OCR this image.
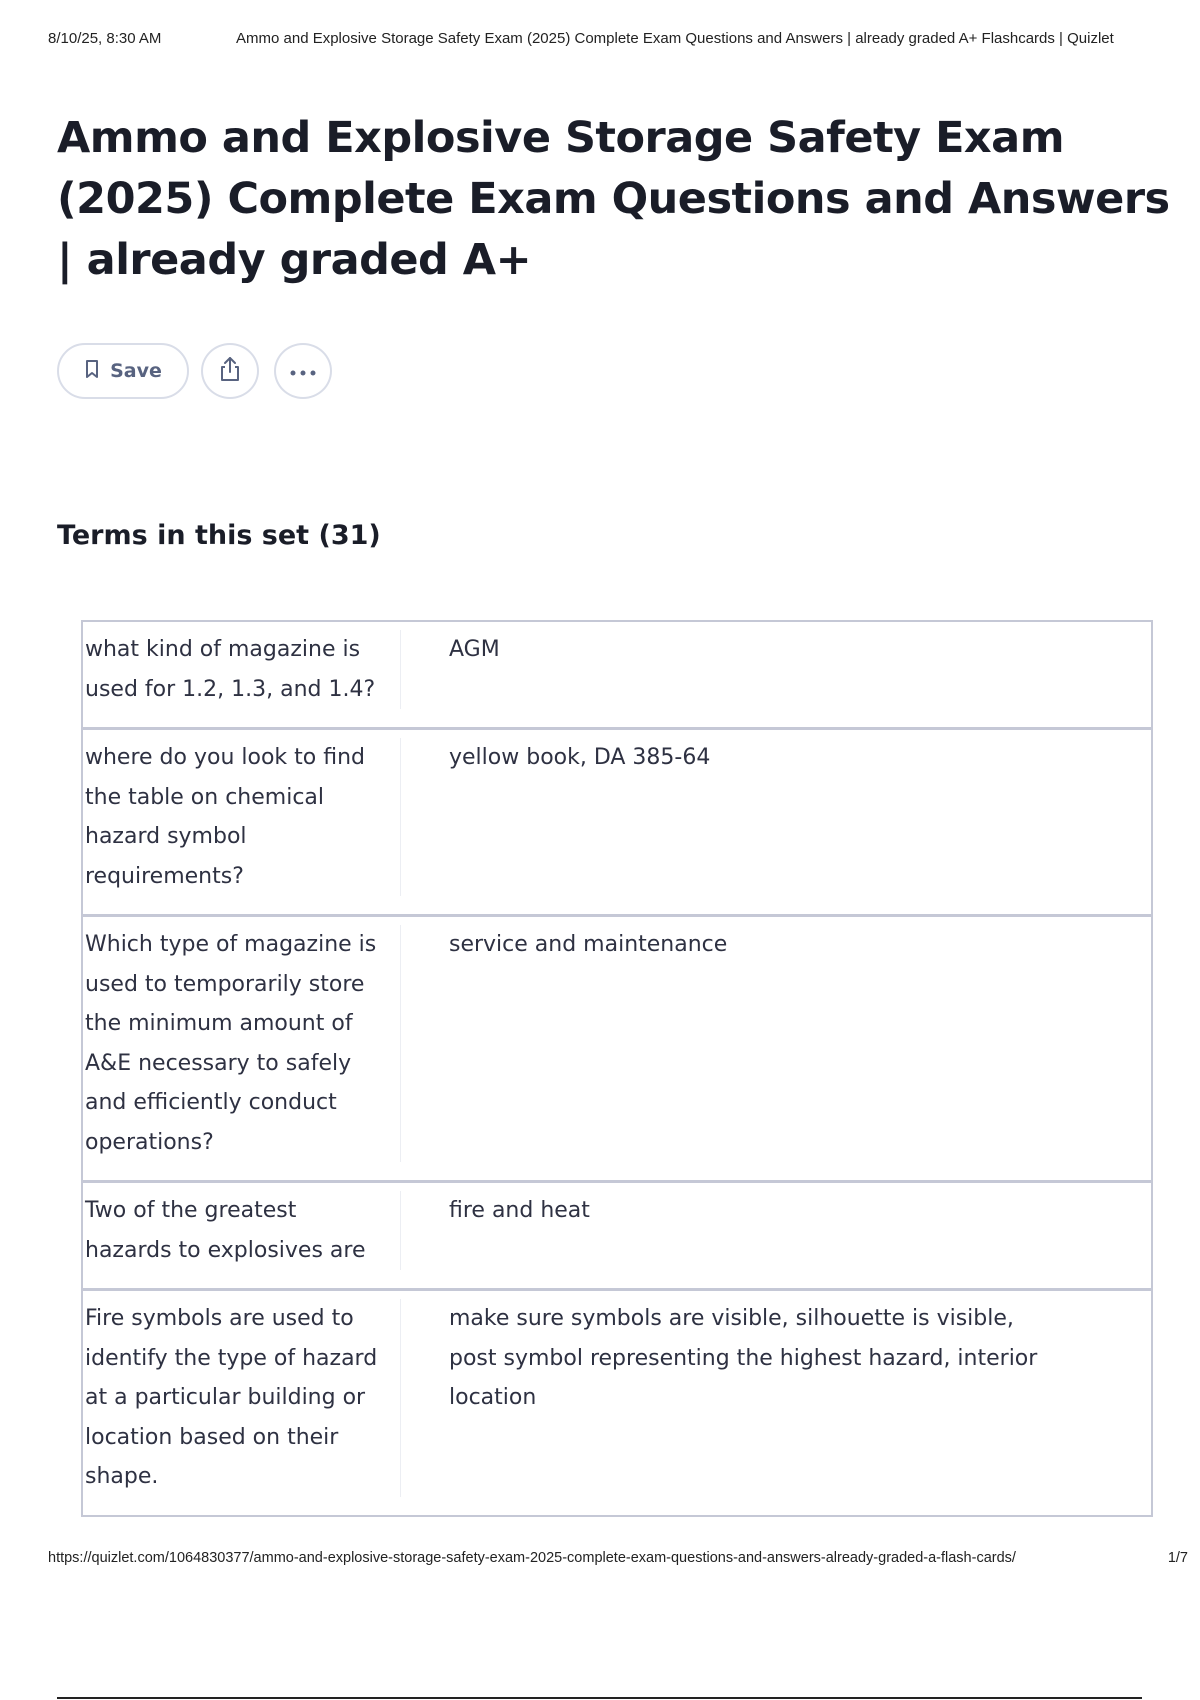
8/10/25, 8:30 AM	Ammo and Explosive Storage Safety Exam (2025) Complete Exam Questions and Answers | already graded A+ Flashcards | Quizlet
Ammo and Explosive Storage Safety Exam (2025) Complete Exam Questions and Answers | already graded A+
Save
Terms in this set (31)
what kind of magazine is used for 1.2, 1.3, and 1.4?
AGM
where do you look to find the table on chemical hazard symbol requirements?
yellow book, DA 385-64
Which type of magazine is used to temporarily store the minimum amount of A&E necessary to safely and efficiently conduct operations?
service and maintenance
Two of the greatest hazards to explosives are
fire and heat
Fire symbols are used to identify the type of hazard at a particular building or location based on their shape.
make sure symbols are visible, silhouette is visible, post symbol representing the highest hazard, interior location
https://quizlet.com/1064830377/ammo-and-explosive-storage-safety-exam-2025-complete-exam-questions-and-answers-already-graded-a-flash-cards/	1/7
